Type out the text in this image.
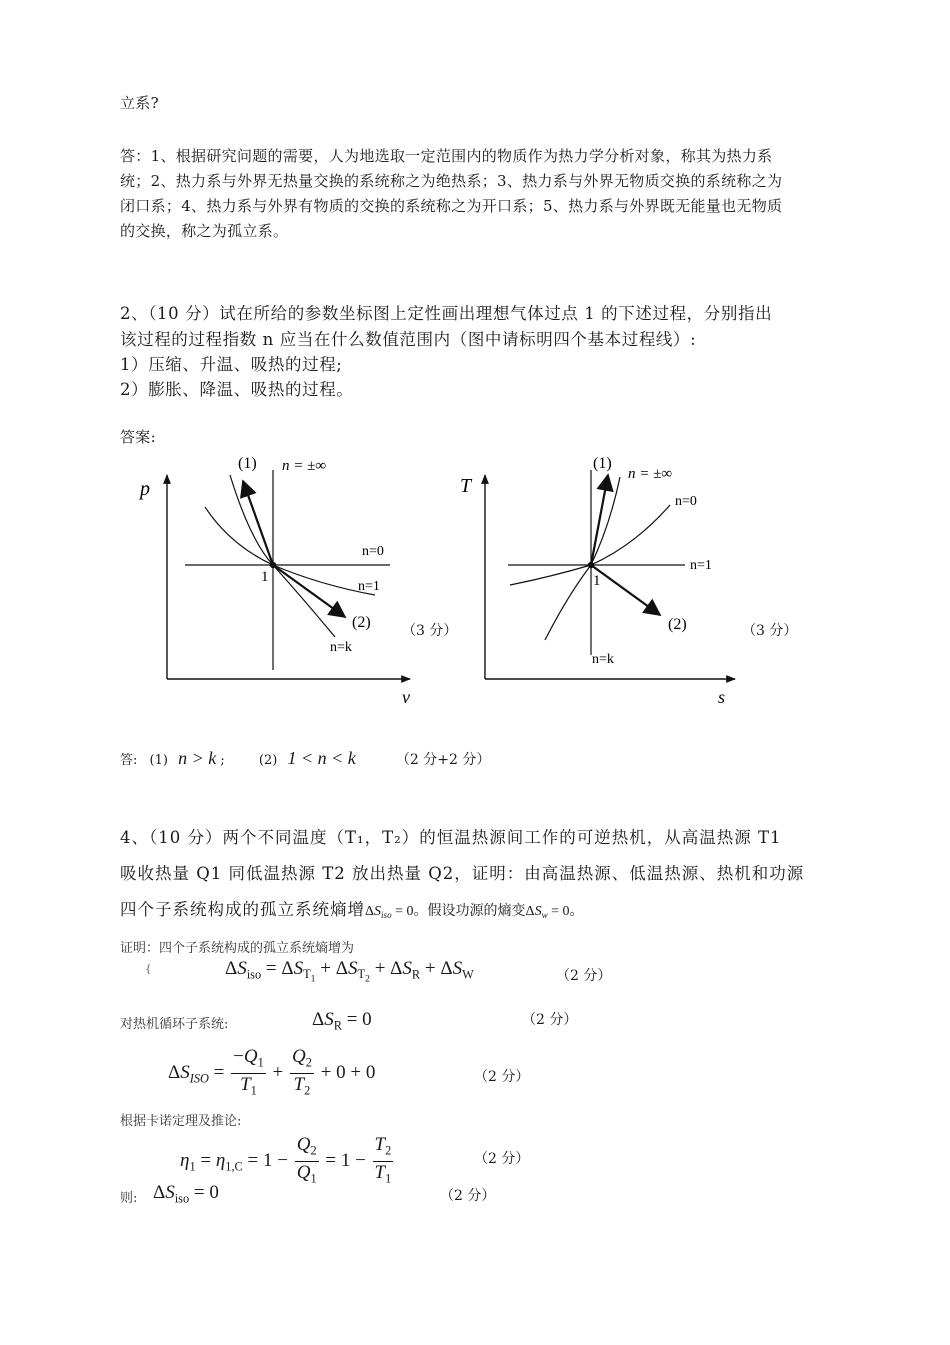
立系?
答：1、根据研究问题的需要，人为地选取一定范围内的物质作为热力学分析对象，称其为热力系
统；2、热力系与外界无热量交换的系统称之为绝热系；3、热力系与外界无物质交换的系统称之为
闭口系；4、热力系与外界有物质的交换的系统称之为开口系；5、热力系与外界既无能量也无物质
的交换，称之为孤立系。
2、（10 分）试在所给的参数坐标图上定性画出理想气体过点 1 的下述过程，分别指出
该过程的过程指数 n 应当在什么数值范围内（图中请标明四个基本过程线）:
1）压缩、升温、吸热的过程;
2）膨胀、降温、吸热的过程。
答案:
p
v
1
(1) n = ±∞
n=0
n=1
(2)
n=k
（3 分）
T
s
1
(1)
n = ±∞
n=0
n=1
(2)
n=k
（3 分）
答: (1) n > k ;	(2) 1 < n < k	（2 分+2 分）
4、（10 分）两个不同温度（T₁，T₂）的恒温热源间工作的可逆热机，从高温热源 T1
吸收热量 Q1 同低温热源 T2 放出热量 Q2，证明：由高温热源、低温热源、热机和功源
四个子系统构成的孤立系统熵增$\Delta S_{iso} = 0$。假设功源的熵变$\Delta S_w = 0$。
证明：四个子系统构成的孤立系统熵增为
{	$\Delta S_{iso} = \Delta S_{T_1} + \Delta S_{T_2} + \Delta S_R + \Delta S_W$	（2 分）
对热机循环子系统:	$\Delta S_R = 0$	（2 分）
$\Delta S_{ISO} = \frac{-Q_1}{T_1} + \frac{Q_2}{T_2} + 0 + 0$	（2 分）
根据卡诺定理及推论:
$\eta_1 = \eta_{1,C} = 1 - \frac{Q_2}{Q_1} = 1 - \frac{T_2}{T_1}$	（2 分）
则: $\Delta S_{iso} = 0$	（2 分）
